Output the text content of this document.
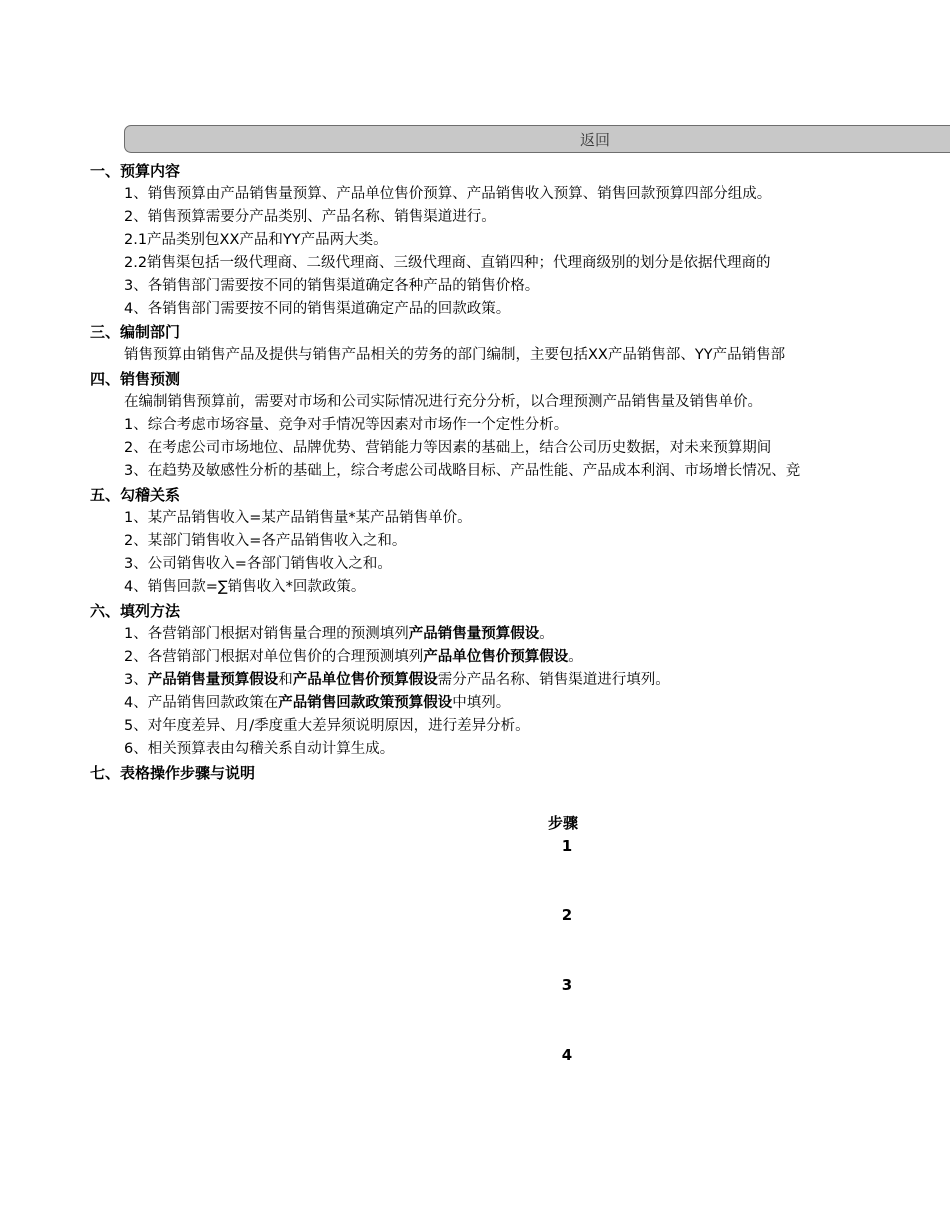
返回
一、预算内容
1、销售预算由产品销售量预算、产品单位售价预算、产品销售收入预算、销售回款预算四部分组成。
2、销售预算需要分产品类别、产品名称、销售渠道进行。
2.1产品类别包XX产品和YY产品两大类。
2.2销售渠包括一级代理商、二级代理商、三级代理商、直销四种；代理商级别的划分是依据代理商的
3、各销售部门需要按不同的销售渠道确定各种产品的销售价格。
4、各销售部门需要按不同的销售渠道确定产品的回款政策。
三、编制部门
销售预算由销售产品及提供与销售产品相关的劳务的部门编制，主要包括XX产品销售部、YY产品销售部
四、销售预测
在编制销售预算前，需要对市场和公司实际情况进行充分分析，以合理预测产品销售量及销售单价。
1、综合考虑市场容量、竞争对手情况等因素对市场作一个定性分析。
2、在考虑公司市场地位、品牌优势、营销能力等因素的基础上，结合公司历史数据，对未来预算期间
3、在趋势及敏感性分析的基础上，综合考虑公司战略目标、产品性能、产品成本利润、市场增长情况、竞
五、勾稽关系
1、某产品销售收入=某产品销售量*某产品销售单价。
2、某部门销售收入=各产品销售收入之和。
3、公司销售收入=各部门销售收入之和。
4、销售回款=∑销售收入*回款政策。
六、填列方法
1、各营销部门根据对销售量合理的预测填列产品销售量预算假设。
2、各营销部门根据对单位售价的合理预测填列产品单位售价预算假设。
3、产品销售量预算假设和产品单位售价预算假设需分产品名称、销售渠道进行填列。
4、产品销售回款政策在产品销售回款政策预算假设中填列。
5、对年度差异、月/季度重大差异须说明原因，进行差异分析。
6、相关预算表由勾稽关系自动计算生成。
七、表格操作步骤与说明
步骤
1
2
3
4
